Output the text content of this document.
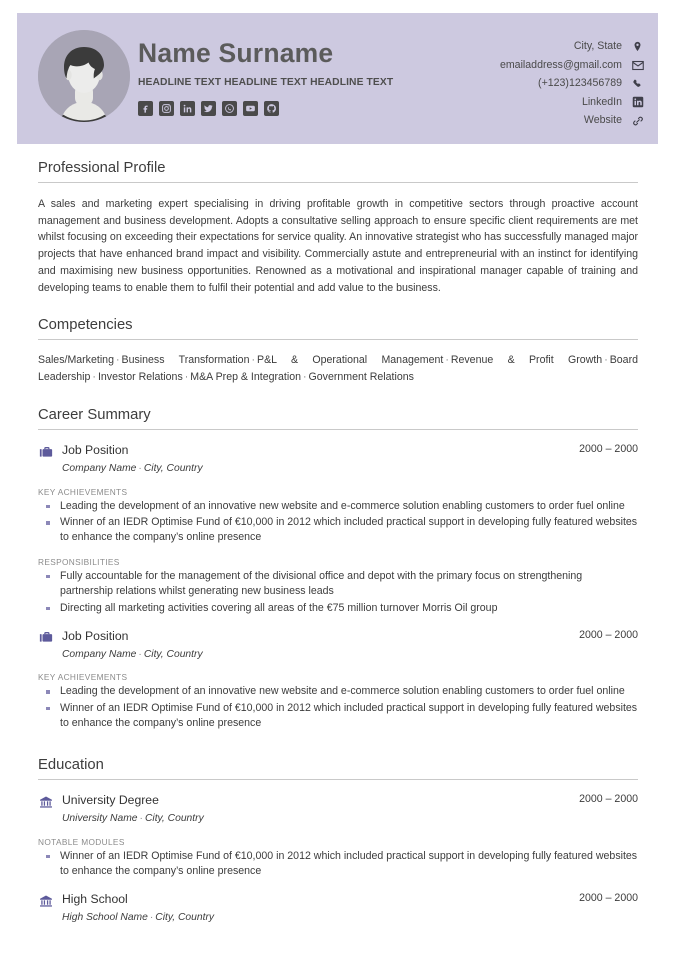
Name Surname
HEADLINE TEXT HEADLINE TEXT HEADLINE TEXT
City, State
emailaddress@gmail.com
(+123)123456789
LinkedIn
Website
Professional Profile
A sales and marketing expert specialising in driving profitable growth in competitive sectors through proactive account management and business development. Adopts a consultative selling approach to ensure specific client requirements are met whilst focusing on exceeding their expectations for service quality. An innovative strategist who has successfully managed major projects that have enhanced brand impact and visibility. Commercially astute and entrepreneurial with an instinct for identifying and maximising new business opportunities. Renowned as a motivational and inspirational manager capable of training and developing teams to enable them to fulfil their potential and add value to the business.
Competencies
Sales/Marketing · Business Transformation · P&L & Operational Management · Revenue & Profit Growth · Board Leadership · Investor Relations · M&A Prep & Integration · Government Relations
Career Summary
Job Position	2000 – 2000
Company Name · City, Country
KEY ACHIEVEMENTS
Leading the development of an innovative new website and e-commerce solution enabling customers to order fuel online
Winner of an IEDR Optimise Fund of €10,000 in 2012 which included practical support in developing fully featured websites to enhance the company’s online presence
RESPONSIBILITIES
Fully accountable for the management of the divisional office and depot with the primary focus on strengthening partnership relations whilst generating new business leads
Directing all marketing activities covering all areas of the €75 million turnover Morris Oil group
Job Position	2000 – 2000
Company Name · City, Country
KEY ACHIEVEMENTS
Leading the development of an innovative new website and e-commerce solution enabling customers to order fuel online
Winner of an IEDR Optimise Fund of €10,000 in 2012 which included practical support in developing fully featured websites to enhance the company’s online presence
Education
University Degree	2000 – 2000
University Name · City, Country
NOTABLE MODULES
Winner of an IEDR Optimise Fund of €10,000 in 2012 which included practical support in developing fully featured websites to enhance the company’s online presence
High School	2000 – 2000
High School Name · City, Country
